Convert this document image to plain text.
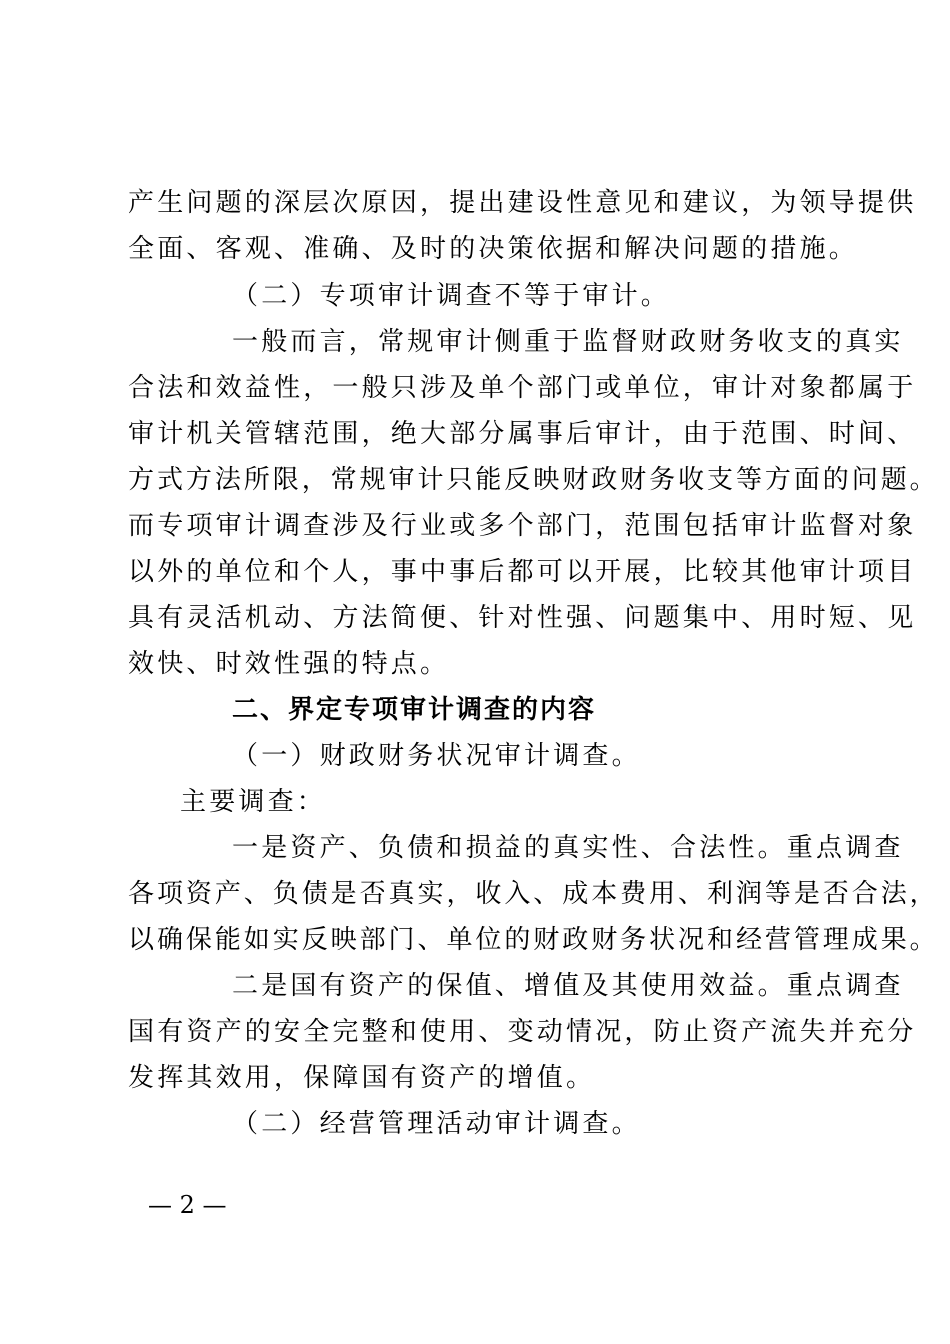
产生问题的深层次原因，提出建设性意见和建议，为领导提供
全面、客观、准确、及时的决策依据和解决问题的措施。
（二）专项审计调查不等于审计。
一般而言，常规审计侧重于监督财政财务收支的真实
合法和效益性，一般只涉及单个部门或单位，审计对象都属于
审计机关管辖范围，绝大部分属事后审计，由于范围、时间、
方式方法所限，常规审计只能反映财政财务收支等方面的问题。
而专项审计调查涉及行业或多个部门，范围包括审计监督对象
以外的单位和个人，事中事后都可以开展，比较其他审计项目
具有灵活机动、方法简便、针对性强、问题集中、用时短、见
效快、时效性强的特点。
二、界定专项审计调查的内容
（一）财政财务状况审计调查。
主要调查：
一是资产、负债和损益的真实性、合法性。重点调查
各项资产、负债是否真实，收入、成本费用、利润等是否合法，
以确保能如实反映部门、单位的财政财务状况和经营管理成果。
二是国有资产的保值、增值及其使用效益。重点调查
国有资产的安全完整和使用、变动情况，防止资产流失并充分
发挥其效用，保障国有资产的增值。
（二）经营管理活动审计调查。
— 2 —
